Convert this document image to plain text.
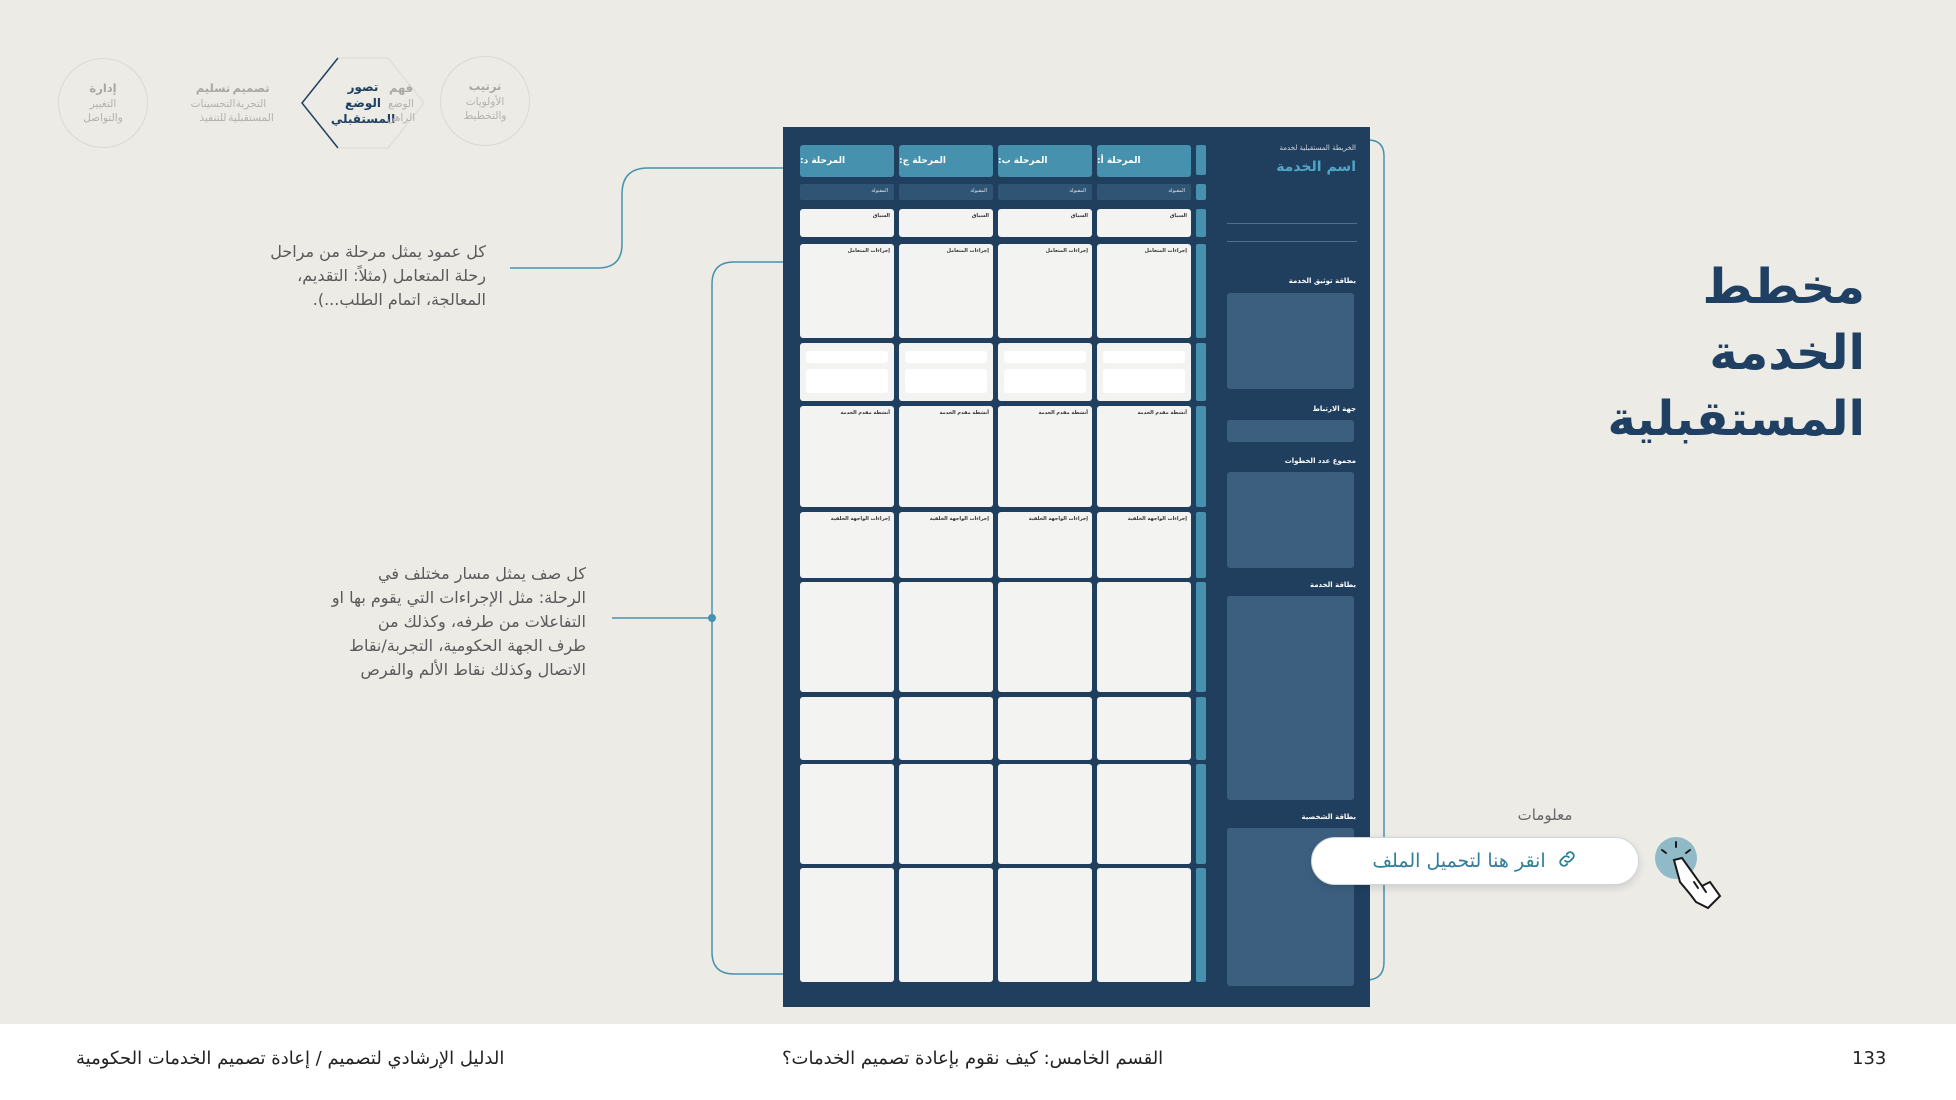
إدارة
التغيير
والتواصل
تسليم
التحسينات
للتنفيذ
تصميم
التجربة
المستقبلية
تصور
الوضع
المستقبلي
فهم
الوضع
الراهن
ترتيب
الأولويات
والتخطيط
مخطط
الخدمة
المستقبلية
كل عمود يمثل مرحلة من مراحل
رحلة المتعامل (مثلاً: التقديم،
المعالجة، اتمام الطلب...).
كل صف يمثل مسار مختلف في
الرحلة: مثل الإجراءات التي يقوم بها او
التفاعلات من طرفه، وكذلك من
طرف الجهة الحكومية، التجربة/نقاط
الاتصال وكذلك نقاط الألم والفرص
المرحلة أ:
المقبولة
السياق
إجراءات المتعامل
أنشطة مقدم الخدمة
إجراءات الواجهة الخلفية
المرحلة ب:
المقبولة
السياق
إجراءات المتعامل
أنشطة مقدم الخدمة
إجراءات الواجهة الخلفية
المرحلة ج:
المقبولة
السياق
إجراءات المتعامل
أنشطة مقدم الخدمة
إجراءات الواجهة الخلفية
المرحلة د:
المقبولة
السياق
إجراءات المتعامل
أنشطة مقدم الخدمة
إجراءات الواجهة الخلفية
الخريطة المستقبلية لخدمة
اسم الخدمة
بطاقة توثيق الخدمة
جهة الارتباط
مجموع عدد الخطوات
بطاقة الخدمة
بطاقة الشخصية	معلومات
انقر هنا لتحميل الملف
133
القسم الخامس: كيف نقوم بإعادة تصميم الخدمات؟
الدليل الإرشادي لتصميم / إعادة تصميم الخدمات الحكومية
